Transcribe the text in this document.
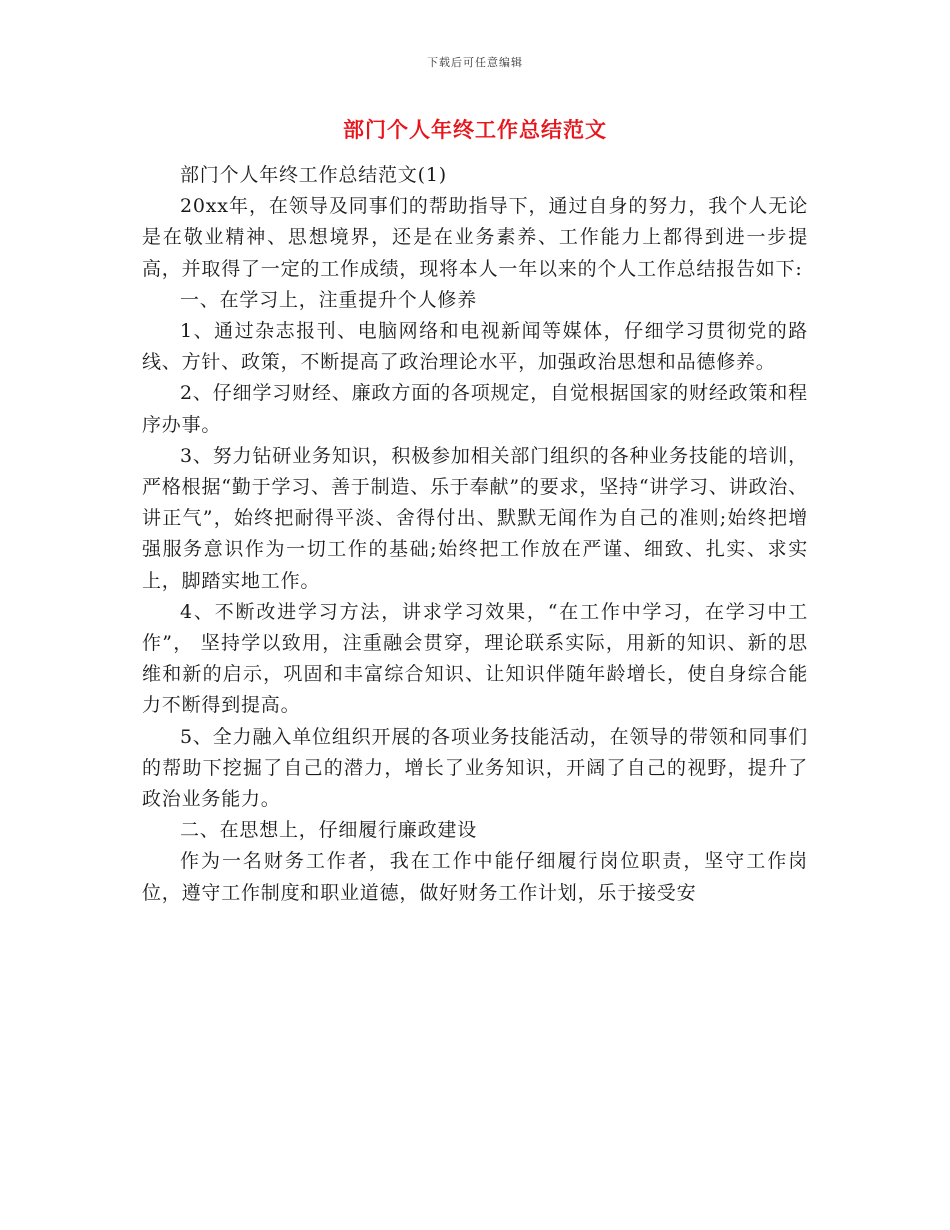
下载后可任意编辑
部门个人年终工作总结范文

部门个人年终工作总结范文(1)

20xx年，在领导及同事们的帮助指导下，通过自身的努力，我个人无论是在敬业精神、思想境界，还是在业务素养、工作能力上都得到进一步提高，并取得了一定的工作成绩，现将本人一年以来的个人工作总结报告如下:

一、在学习上，注重提升个人修养

1、通过杂志报刊、电脑网络和电视新闻等媒体，仔细学习贯彻党的路线、方针、政策，不断提高了政治理论水平，加强政治思想和品德修养。

2、仔细学习财经、廉政方面的各项规定，自觉根据国家的财经政策和程序办事。

3、努力钻研业务知识，积极参加相关部门组织的各种业务技能的培训，严格根据“勤于学习、善于制造、乐于奉献”的要求，坚持“讲学习、讲政治、讲正气”，始终把耐得平淡、舍得付出、默默无闻作为自己的准则;始终把增强服务意识作为一切工作的基础;始终把工作放在严谨、细致、扎实、求实上，脚踏实地工作。

4、不断改进学习方法，讲求学习效果，“在工作中学习，在学习中工作”， 坚持学以致用，注重融会贯穿，理论联系实际，用新的知识、新的思维和新的启示，巩固和丰富综合知识、让知识伴随年龄增长，使自身综合能力不断得到提高。

5、全力融入单位组织开展的各项业务技能活动，在领导的带领和同事们的帮助下挖掘了自己的潜力，增长了业务知识，开阔了自己的视野，提升了政治业务能力。

二、在思想上，仔细履行廉政建设

作为一名财务工作者，我在工作中能仔细履行岗位职责，坚守工作岗位，遵守工作制度和职业道德，做好财务工作计划，乐于接受安
